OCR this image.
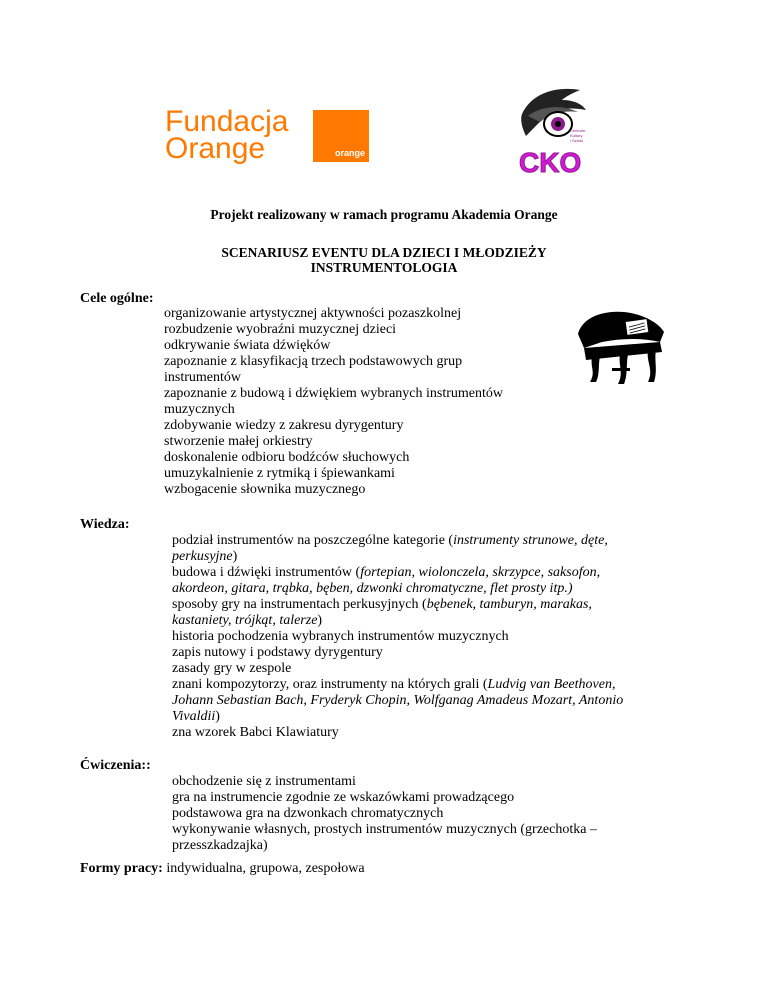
Fundacja
Orange	orange
Centrum
Kultury
i Sztuki
CKO
Projekt realizowany w ramach programu Akademia Orange
SCENARIUSZ EVENTU DLA DZIECI I MŁODZIEŻY
INSTRUMENTOLOGIA
Cele ogólne:
organizowanie artystycznej aktywności pozaszkolnej
rozbudzenie wyobraźni muzycznej dzieci
odkrywanie świata dźwięków
zapoznanie z klasyfikacją trzech podstawowych grup
instrumentów
zapoznanie z budową i dźwiękiem wybranych instrumentów
muzycznych
zdobywanie wiedzy z zakresu dyrygentury
stworzenie małej orkiestry
doskonalenie odbioru bodźców słuchowych
umuzykalnienie z rytmiką i śpiewankami
wzbogacenie słownika muzycznego
Wiedza:
podział instrumentów na poszczególne kategorie (instrumenty strunowe, dęte,
perkusyjne)
budowa i dźwięki instrumentów (fortepian, wiolonczela, skrzypce, saksofon,
akordeon, gitara, trąbka, bęben, dzwonki chromatyczne, flet prosty itp.)
sposoby gry na instrumentach perkusyjnych (bębenek, tamburyn, marakas,
kastaniety, trójkąt, talerze)
historia pochodzenia wybranych instrumentów muzycznych
zapis nutowy i podstawy dyrygentury
zasady gry w zespole
znani kompozytorzy, oraz instrumenty na których grali (Ludvig van Beethoven,
Johann Sebastian Bach, Fryderyk Chopin, Wolfganag Amadeus Mozart, Antonio
Vivaldii)
zna wzorek Babci Klawiatury
Ćwiczenia::
obchodzenie się z instrumentami
gra na instrumencie zgodnie ze wskazówkami prowadzącego
podstawowa gra na dzwonkach chromatycznych
wykonywanie własnych, prostych instrumentów muzycznych (grzechotka –
przesszkadzajka)
Formy pracy: indywidualna, grupowa, zespołowa
